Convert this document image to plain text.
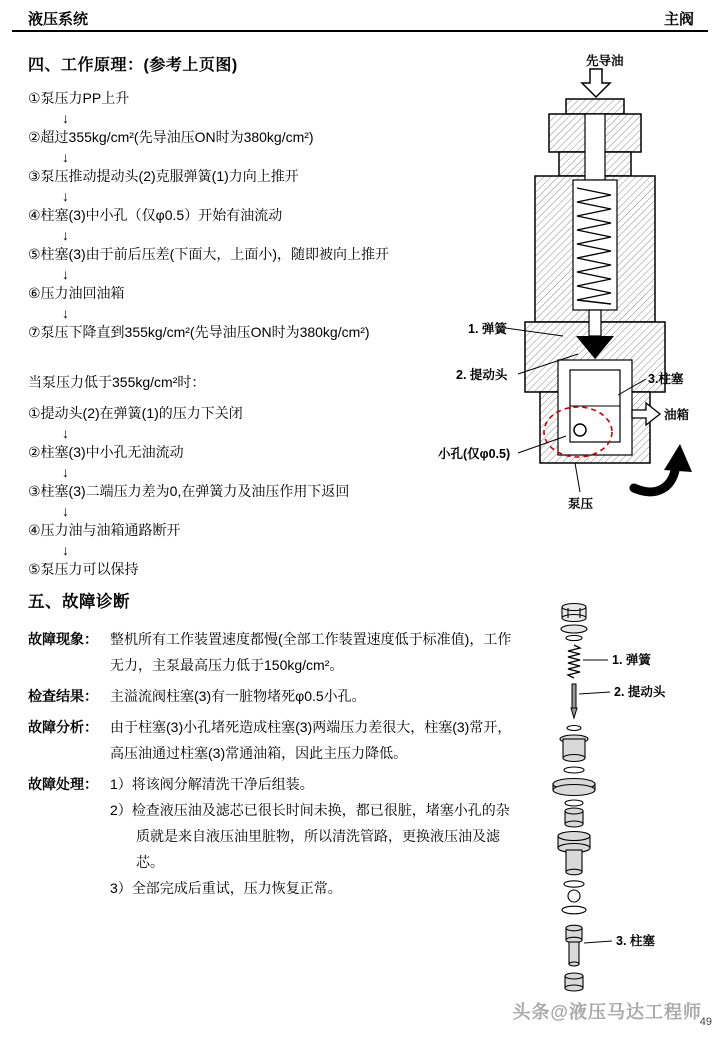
液压系统	主阀
四、工作原理：(参考上页图)
①泵压力PP上升
↓
②超过355kg/cm²(先导油压ON时为380kg/cm²)
↓
③泵压推动提动头(2)克服弹簧(1)力向上推开
↓
④柱塞(3)中小孔（仅φ0.5）开始有油流动
↓
⑤柱塞(3)由于前后压差(下面大，上面小)，随即被向上推开
↓
⑥压力油回油箱
↓
⑦泵压下降直到355kg/cm²(先导油压ON时为380kg/cm²)
当泵压力低于355kg/cm²时：
①提动头(2)在弹簧(1)的压力下关闭
↓
②柱塞(3)中小孔无油流动
↓
③柱塞(3)二端压力差为0,在弹簧力及油压作用下返回
↓
④压力油与油箱通路断开
↓
⑤泵压力可以保持
五、故障诊断
故障现象： 整机所有工作装置速度都慢(全部工作装置速度低于标准值)，工作无力，主泵最高压力低于150kg/cm²。
检查结果： 主溢流阀柱塞(3)有一脏物堵死φ0.5小孔。
故障分析： 由于柱塞(3)小孔堵死造成柱塞(3)两端压力差很大，柱塞(3)常开，高压油通过柱塞(3)常通油箱，因此主压力降低。
故障处理： 1）将该阀分解清洗干净后组装。
2）检查液压油及滤芯已很长时间未换，都已很脏，堵塞小孔的杂质就是来自液压油里脏物，所以清洗管路，更换液压油及滤芯。
3）全部完成后重试，压力恢复正常。
先导油
1. 弹簧
2. 提动头	3.柱塞
油箱
小孔(仅φ0.5)
泵压
1. 弹簧
2. 提动头
3. 柱塞
头条@液压马达工程师
49
